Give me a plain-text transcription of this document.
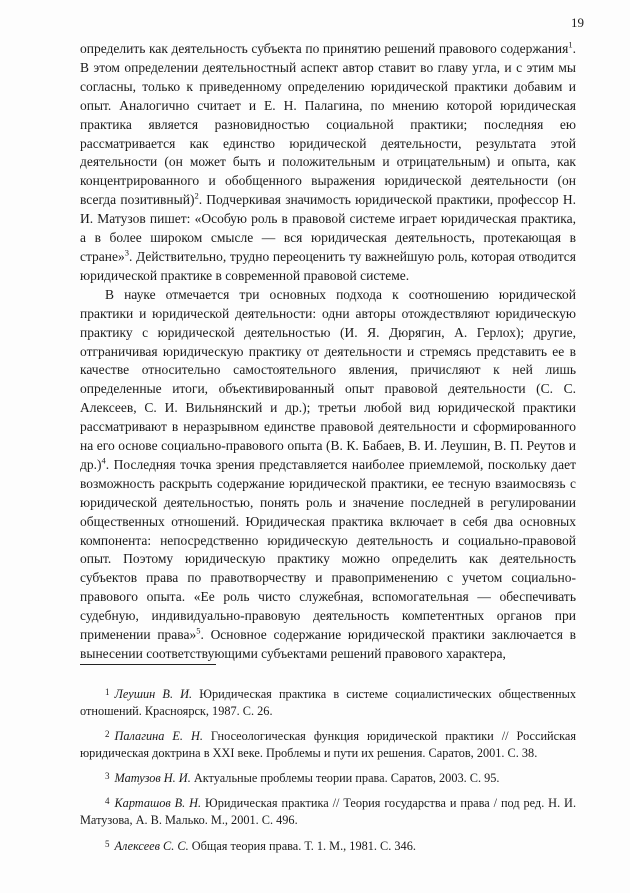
19

определить как деятельность субъекта по принятию решений правового содержания$^1$. В этом определении деятельностный аспект автор ставит во главу угла, и с этим мы согласны, только к приведенному определению юридической практики добавим и опыт. Аналогично считает и Е. Н. Палагина, по мнению которой юридическая практика является разновидностью социальной практики; последняя ею рассматривается как единство юридической деятельности, результата этой деятельности (он может быть и положительным и отрицательным) и опыта, как концентрированного и обобщенного выражения юридической деятельности (он всегда позитивный)$^2$. Подчеркивая значимость юридической практики, профессор Н. И. Матузов пишет: «Особую роль в правовой системе играет юридическая практика, а в более широком смысле — вся юридическая деятельность, протекающая в стране»$^3$. Действительно, трудно переоценить ту важнейшую роль, которая отводится юридической практике в современной правовой системе.

В науке отмечается три основных подхода к соотношению юридической практики и юридической деятельности: одни авторы отождествляют юридическую практику с юридической деятельностью (И. Я. Дюрягин, А. Герлох); другие, отграничивая юридическую практику от деятельности и стремясь представить ее в качестве относительно самостоятельного явления, причисляют к ней лишь определенные итоги, объективированный опыт правовой деятельности (С. С. Алексеев, С. И. Вильнянский и др.); третьи любой вид юридической практики рассматривают в неразрывном единстве правовой деятельности и сформированного на его основе социально-правового опыта (В. К. Бабаев, В. И. Леушин, В. П. Реутов и др.)$^4$. Последняя точка зрения представляется наиболее приемлемой, поскольку дает возможность раскрыть содержание юридической практики, ее тесную взаимосвязь с юридической деятельностью, понять роль и значение последней в регулировании общественных отношений. Юридическая практика включает в себя два основных компонента: непосредственно юридическую деятельность и социально-правовой опыт. Поэтому юридическую практику можно определить как деятельность субъектов права по правотворчеству и правоприменению с учетом социально-правового опыта. «Ее роль чисто служебная, вспомогательная — обеспечивать судебную, индивидуально-правовую деятельность компетентных органов при применении права»$^5$. Основное содержание юридической практики заключается в вынесении соответствующими субъектами решений правового характера,

$^1$ Леушин В. И. Юридическая практика в системе социалистических общественных отношений. Красноярск, 1987. С. 26.

$^2$ Палагина Е. Н. Гносеологическая функция юридической практики // Российская юридическая доктрина в XXI веке. Проблемы и пути их решения. Саратов, 2001. С. 38.

$^3$ Матузов Н. И. Актуальные проблемы теории права. Саратов, 2003. С. 95.

$^4$ Карташов В. Н. Юридическая практика // Теория государства и права / под ред. Н. И. Матузова, А. В. Малько. М., 2001. С. 496.

$^5$ Алексеев С. С. Общая теория права. Т. 1. М., 1981. С. 346.
